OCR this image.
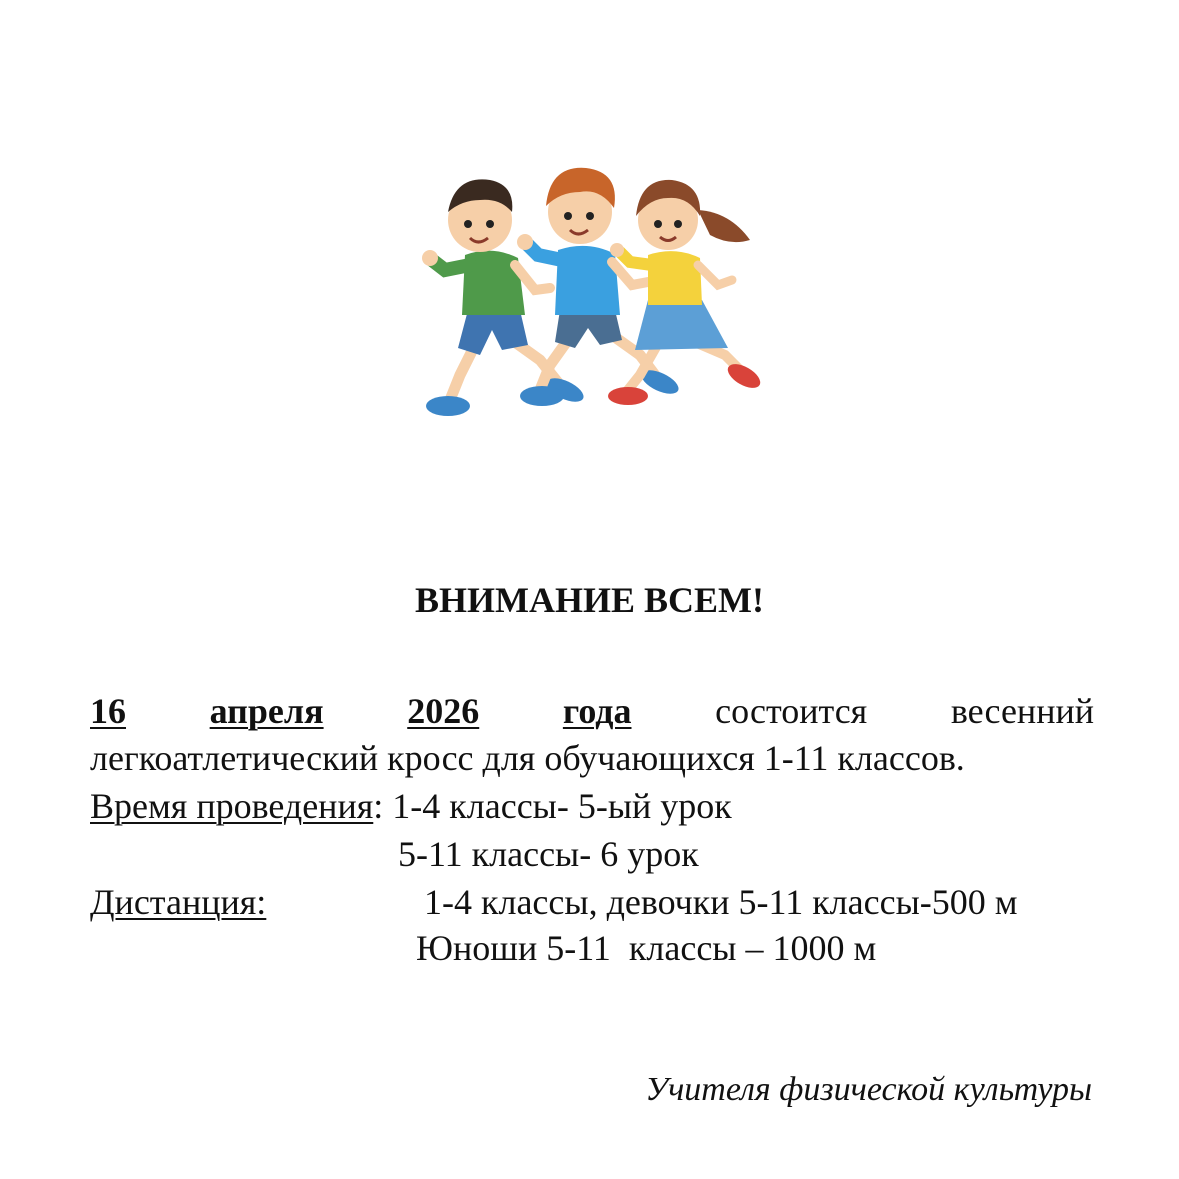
ВНИМАНИЕ ВСЕМ!
16 апреля 2026 года состоится весенний
легкоатлетический кросс для обучающихся 1-11 классов.
Время проведения: 1-4 классы- 5-ый урок
5-11 классы- 6 урок
Дистанция:	1-4 классы, девочки 5-11 классы-500 м
Юноши 5-11  классы – 1000 м
Учителя физической культуры
